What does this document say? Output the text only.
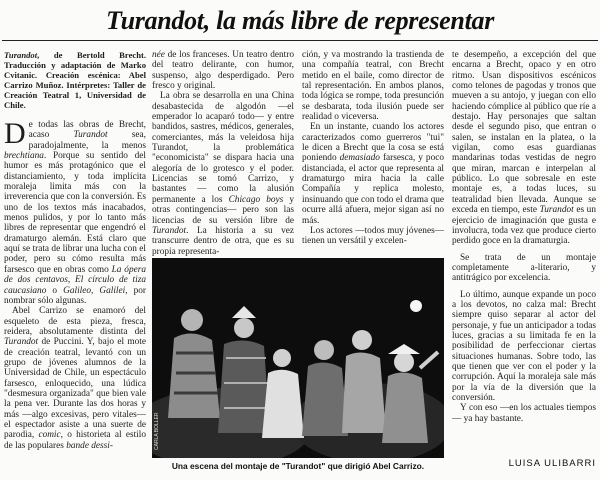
Turandot, la más libre de representar

Turandot, de Bertold Brecht. Traducción y adaptación de Marko Cvitanic. Creación escénica: Abel Carrizo Muñoz. Intérpretes: Taller de Creación Teatral 1, Universidad de Chile.

De todas las obras de Brecht, acaso Turandot sea, paradojalmente, la menos brechtiana. Porque su sentido del humor es más protagónico que el distanciamiento, y toda implícita moraleja limita más con la irreverencia que con la conversión. Es uno de los textos más inacabados, menos pulidos, y por lo tanto más libres de representar que engendró el dramaturgo alemán. Está claro que aquí se trata de librar una lucha con el poder, pero su cómo resulta más farsesco que en obras como La ópera de dos centavos, El círculo de tiza caucasiano o Galileo, Galilei, por nombrar sólo algunas.

Abel Carrizo se enamoró del esqueleto de esta pieza, fresca, reidera, absolutamente distinta del Turandot de Puccini. Y, bajo el mote de creación teatral, levantó con un grupo de jóvenes alumnos de la Universidad de Chile, un espectáculo farsesco, enloquecido, una lúdica "desmesura organizada" que bien vale la pena ver. Durante las dos horas y más —algo excesivas, pero vitales— el espectador asiste a una suerte de parodia, comic, o historieta al estilo de las populares bande dessi-

née de los franceses. Un teatro dentro del teatro delirante, con humor, suspenso, algo desperdigado. Pero fresco y original.

La obra se desarrolla en una China desabastecida de algodón —el emperador lo acaparó todo— y entre bandidos, sastres, médicos, generales, comerciantes, más la veleidosa hija Turandot, la problemática "economicista" se dispara hacia una alegoría de lo grotesco y el poder. Licencias se tomó Carrizo, y bastantes — como la alusión permanente a los Chicago boys y otras contingencias— pero son las licencias de su versión libre de Turandot. La historia a su vez transcurre dentro de otra, que es su propia representa-

ción, y va mostrando la trastienda de una compañía teatral, con Brecht metido en el baile, como director de tal representación. En ambos planos, toda lógica se rompe, toda presunción se desbarata, toda ilusión puede ser realidad o viceversa.

En un instante, cuando los actores caracterizados como guerreros "tui" le dicen a Brecht que la cosa se está poniendo demasiado farsesca, y poco distanciada, el actor que representa al dramaturgo mira hacia la calle Compañía y replica molesto, insinuando que con todo el drama que ocurre allá afuera, mejor sigan así no más.

Los actores —todos muy jóvenes— tienen un versátil y excelen-

te desempeño, a excepción del que encarna a Brecht, opaco y en otro ritmo. Usan dispositivos escénicos como telones de pagodas y tronos que mueven a su antojo, y juegan con ello haciendo cómplice al público que ríe a destajo. Hay personajes que saltan desde el segundo piso, que entran o salen, se instalan en la platea, o la vigilan, como esas guardianas mandarinas todas vestidas de negro que miran, marcan e interpelan al público. Lo que sobresale en este montaje es, a todas luces, su teatralidad bien llevada. Aunque se exceda en tiempo, este Turandot es un ejercicio de imaginación que gusta e involucra, toda vez que produce cierto perdido goce en la dramaturgia.

Se trata de un montaje completamente a-literario, y antitrágico por excelencia.

Lo último, aunque expande un poco a los devotos, no calza mal: Brecht siempre quiso separar al actor del personaje, y fue un anticipador a todas luces, gracias a su limitada fe en la posibilidad de perfeccionar ciertas situaciones humanas. Sobre todo, las que tienen que ver con el poder y la corrupción. Aquí la moraleja sale más por la vía de la diversión que la conversión.

Y con eso —en los actuales tiempos— ya hay bastante.

CARLA BOLLER
Una escena del montaje de "Turandot" que dirigió Abel Carrizo.	LUISA ULIBARRI
